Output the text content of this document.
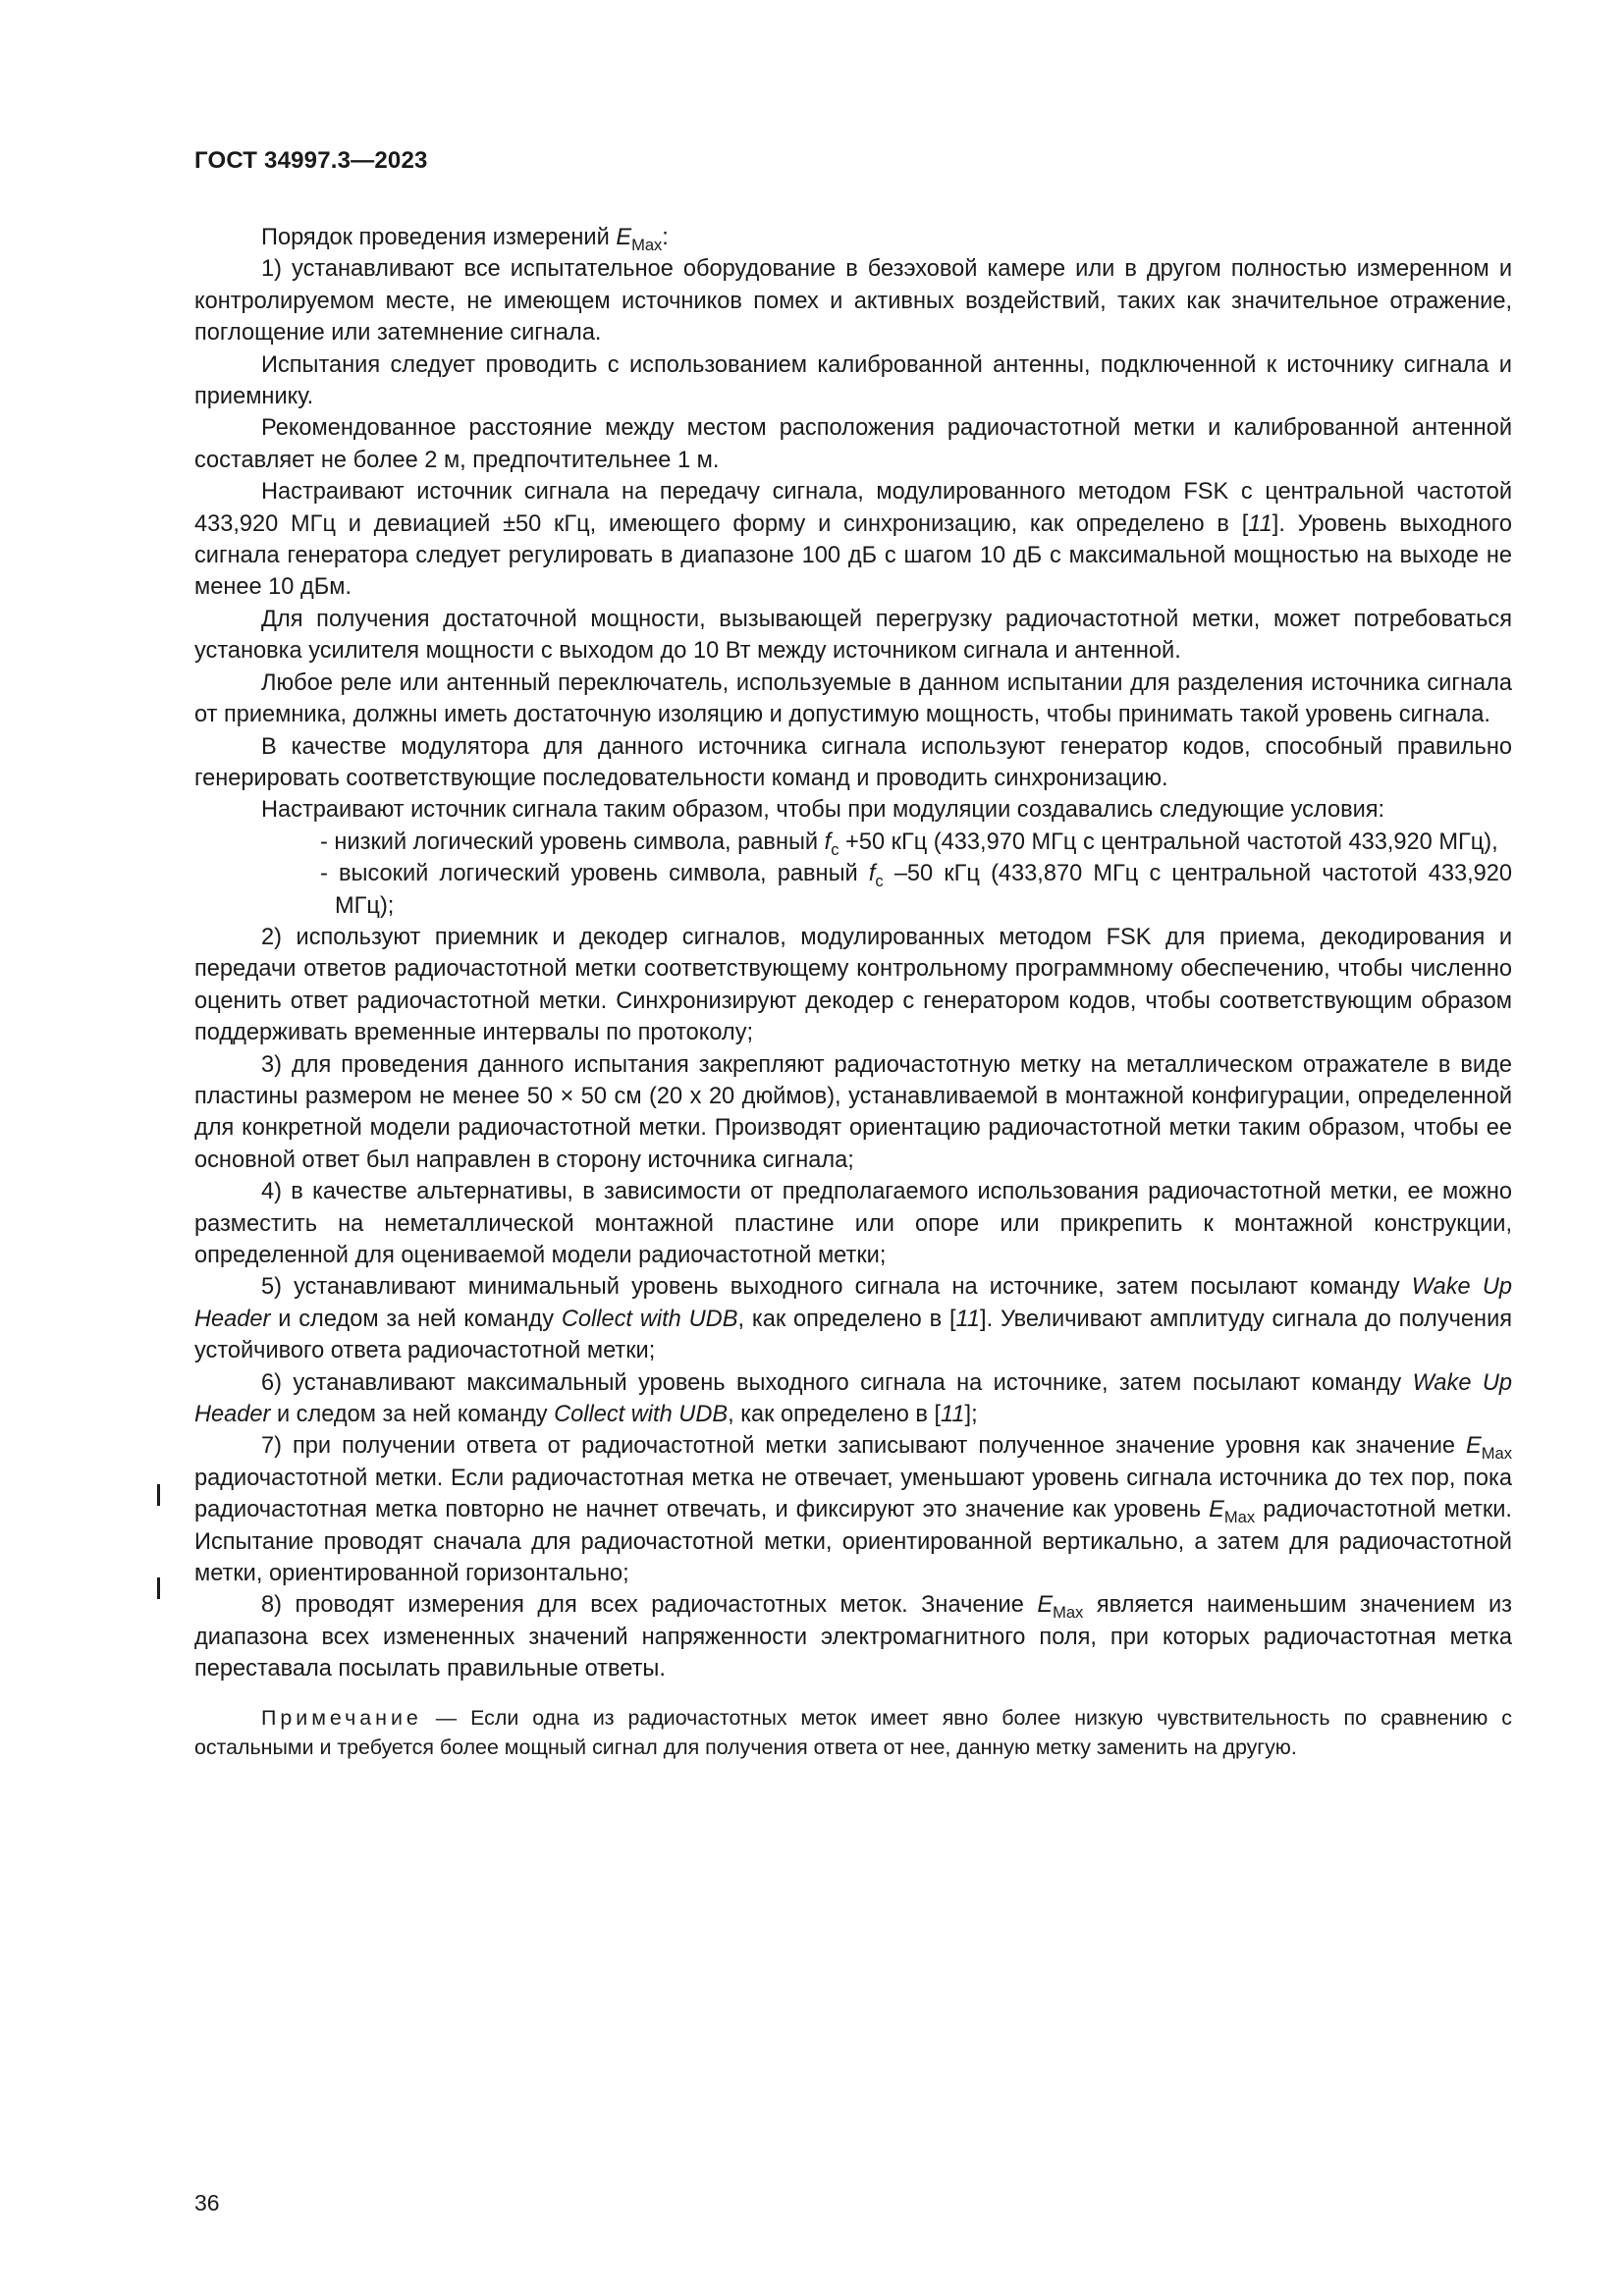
ГОСТ 34997.3—2023

Порядок проведения измерений $E_{Max}$:

1) устанавливают все испытательное оборудование в безэховой камере или в другом полностью измеренном и контролируемом месте, не имеющем источников помех и активных воздействий, таких как значительное отражение, поглощение или затемнение сигнала.

Испытания следует проводить с использованием калиброванной антенны, подключенной к источнику сигнала и приемнику.

Рекомендованное расстояние между местом расположения радиочастотной метки и калиброванной антенной составляет не более 2 м, предпочтительнее 1 м.

Настраивают источник сигнала на передачу сигнала, модулированного методом FSK с центральной частотой 433,920 МГц и девиацией ±50 кГц, имеющего форму и синхронизацию, как определено в [11]. Уровень выходного сигнала генератора следует регулировать в диапазоне 100 дБ с шагом 10 дБ с максимальной мощностью на выходе не менее 10 дБм.

Для получения достаточной мощности, вызывающей перегрузку радиочастотной метки, может потребоваться установка усилителя мощности с выходом до 10 Вт между источником сигнала и антенной.

Любое реле или антенный переключатель, используемые в данном испытании для разделения источника сигнала от приемника, должны иметь достаточную изоляцию и допустимую мощность, чтобы принимать такой уровень сигнала.

В качестве модулятора для данного источника сигнала используют генератор кодов, способный правильно генерировать соответствующие последовательности команд и проводить синхронизацию.

Настраивают источник сигнала таким образом, чтобы при модуляции создавались следующие условия:

- низкий логический уровень символа, равный $f_c +50$ кГц (433,970 МГц с центральной частотой 433,920 МГц),

- высокий логический уровень символа, равный $f_c$ –50 кГц (433,870 МГц с центральной частотой 433,920 МГц);

2) используют приемник и декодер сигналов, модулированных методом FSK для приема, декодирования и передачи ответов радиочастотной метки соответствующему контрольному программному обеспечению, чтобы численно оценить ответ радиочастотной метки. Синхронизируют декодер с генератором кодов, чтобы соответствующим образом поддерживать временные интервалы по протоколу;

3) для проведения данного испытания закрепляют радиочастотную метку на металлическом отражателе в виде пластины размером не менее 50 × 50 см (20 х 20 дюймов), устанавливаемой в монтажной конфигурации, определенной для конкретной модели радиочастотной метки. Производят ориентацию радиочастотной метки таким образом, чтобы ее основной ответ был направлен в сторону источника сигнала;

4) в качестве альтернативы, в зависимости от предполагаемого использования радиочастотной метки, ее можно разместить на неметаллической монтажной пластине или опоре или прикрепить к монтажной конструкции, определенной для оцениваемой модели радиочастотной метки;

5) устанавливают минимальный уровень выходного сигнала на источнике, затем посылают команду Wake Up Header и следом за ней команду Collect with UDB, как определено в [11]. Увеличивают амплитуду сигнала до получения устойчивого ответа радиочастотной метки;

6) устанавливают максимальный уровень выходного сигнала на источнике, затем посылают команду Wake Up Header и следом за ней команду Collect with UDB, как определено в [11];

7) при получении ответа от радиочастотной метки записывают полученное значение уровня как значение $E_{Max}$ радиочастотной метки. Если радиочастотная метка не отвечает, уменьшают уровень сигнала источника до тех пор, пока радиочастотная метка повторно не начнет отвечать, и фиксируют это значение как уровень $E_{Max}$ радиочастотной метки. Испытание проводят сначала для радиочастотной метки, ориентированной вертикально, а затем для радиочастотной метки, ориентированной горизонтально;

8) проводят измерения для всех радиочастотных меток. Значение $E_{Max}$ является наименьшим значением из диапазона всех измененных значений напряженности электромагнитного поля, при которых радиочастотная метка переставала посылать правильные ответы.

Примечание — Если одна из радиочастотных меток имеет явно более низкую чувствительность по сравнению с остальными и требуется более мощный сигнал для получения ответа от нее, данную метку заменить на другую.

36
